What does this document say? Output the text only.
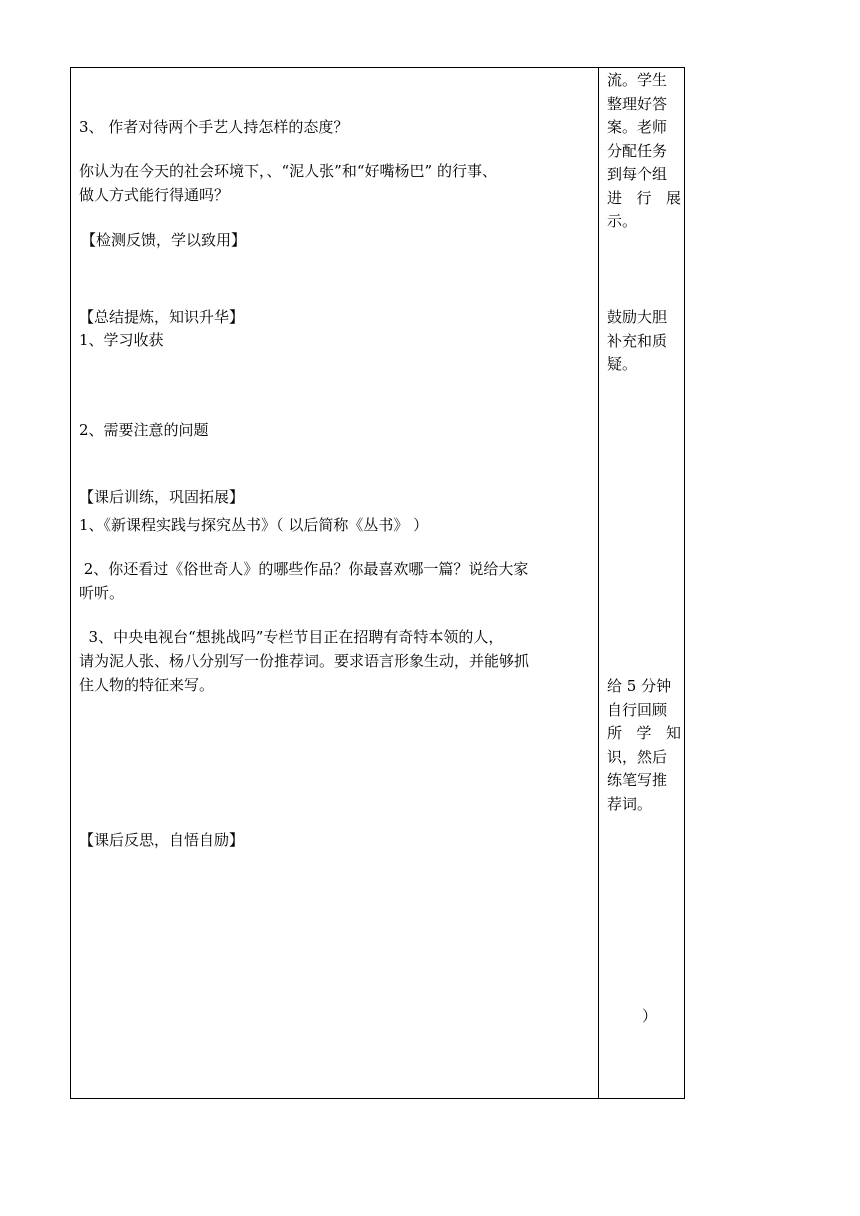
3、 作者对待两个手艺人持怎样的态度？
你认为在今天的社会环境下，、“泥人张”和“好嘴杨巴” 的行事、
做人方式能行得通吗？
【检测反馈，学以致用】
【总结提炼，知识升华】
1、学习收获
2、需要注意的问题
【课后训练，巩固拓展】
1、《新课程实践与探究丛书》（ 以后简称《丛书》 ）
2、你还看过《俗世奇人》的哪些作品？你最喜欢哪一篇？说给大家
听听。
3、中央电视台“想挑战吗”专栏节目正在招聘有奇特本领的人，
请为泥人张、杨八分别写一份推荐词。要求语言形象生动，并能够抓
住人物的特征来写。
【课后反思，自悟自励】
流。学生
整理好答
案。老师
分配任务
到每个组
进行展
示。
鼓励大胆
补充和质
疑。
给 5 分钟
自行回顾
所学知
识，然后
练笔写推
荐词。
）
